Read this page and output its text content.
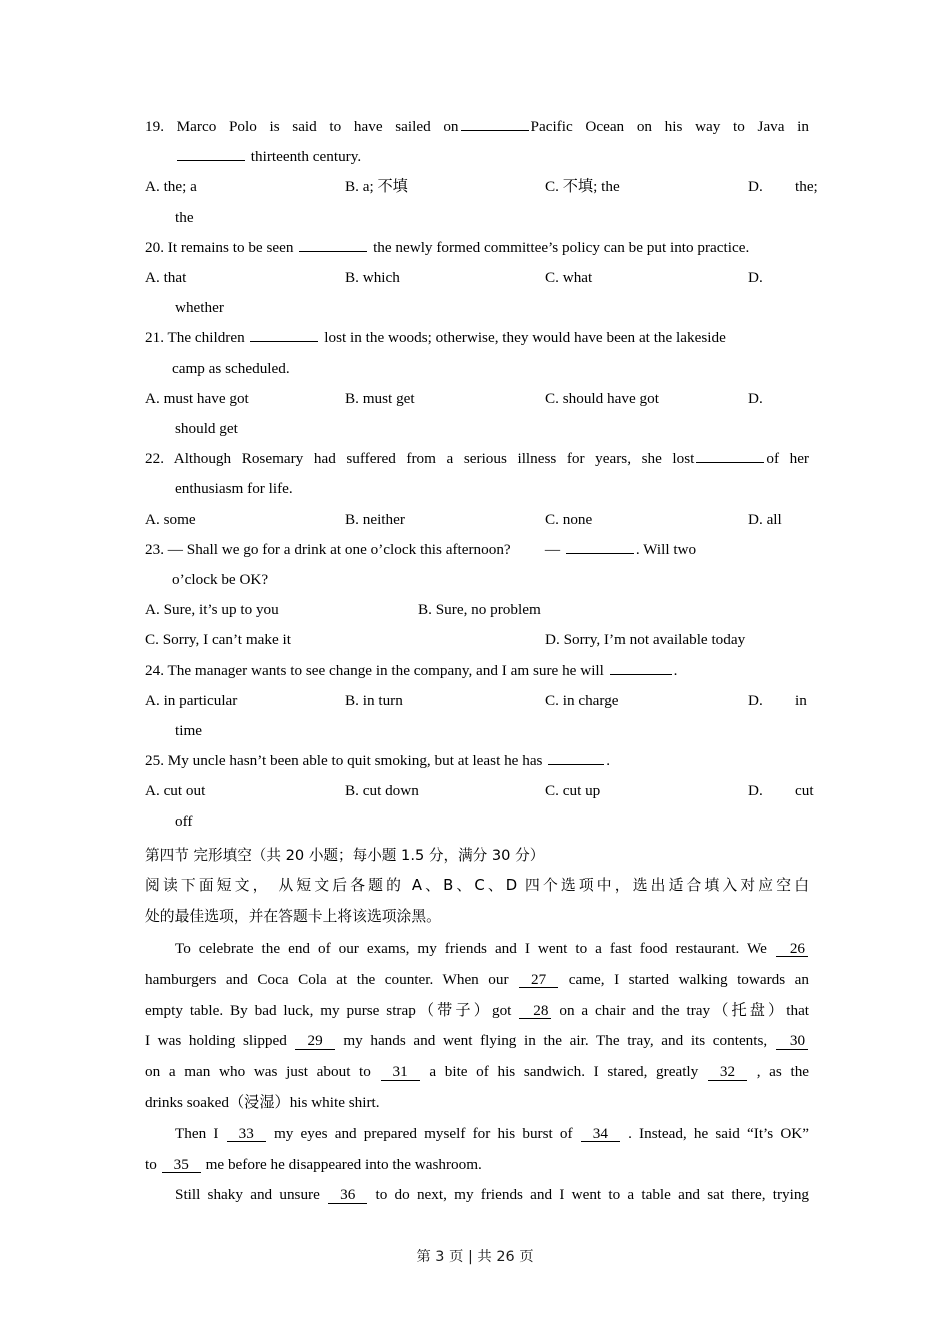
19. Marco Polo is said to have sailed on	Pacific Ocean on his way to Java in
thirteenth century.
A. the; a	B. a; 不填	C. 不填; the	D. the;
the
20. It remains to be seen	the newly formed committee’s policy can be put into practice.
A. that	B. which	C. what	D.
whether
21. The children	lost in the woods; otherwise, they would have been at the lakeside
camp as scheduled.
A. must have got	B. must get	C. should have got	D.
should get
22. Although Rosemary had suffered from a serious illness for years, she lost	of her
enthusiasm for life.
A. some	B. neither	C. none	D. all
23. — Shall we go for a drink at one o’clock this afternoon? —	. Will two
o’clock be OK?
A. Sure, it’s up to you	B. Sure, no problem
C. Sorry, I can’t make it	D. Sorry, I’m not available today
24. The manager wants to see change in the company, and I am sure he will	.
A. in particular	B. in turn	C. in charge	D. in
time
25. My uncle hasn’t been able to quit smoking, but at least he has	.
A. cut out	B. cut down	C. cut up	D. cut
off
第四节 完形填空（共 20 小题；每小题 1.5 分，满分 30 分）
阅读下面短文， 从短文后各题的 A、B、C、D 四个选项中，选出适合填入对应空白
处的最佳选项，并在答题卡上将该选项涂黑。
To celebrate the end of our exams, my friends and I went to a fast food restaurant. We 26
hamburgers and Coca Cola at the counter. When our 27 came, I started walking towards an
empty table. By bad luck, my purse strap（带子）got 28 on a chair and the tray（托盘）that
I was holding slipped 29 my hands and went flying in the air. The tray, and its contents, 30
on a man who was just about to 31 a bite of his sandwich. I stared, greatly 32 , as the
drinks soaked（浸湿）his white shirt.
Then I 33 my eyes and prepared myself for his burst of 34 . Instead, he said “It’s OK”
to 35 me before he disappeared into the washroom.
Still shaky and unsure 36 to do next, my friends and I went to a table and sat there, trying
第 3 页 | 共 26 页
